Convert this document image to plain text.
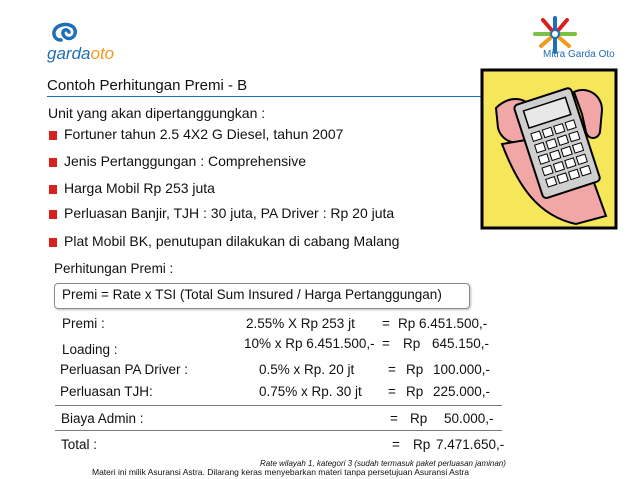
gardaoto	Mitra Garda Oto
Contoh Perhitungan Premi - B
Unit yang akan dipertanggungkan :
Fortuner tahun 2.5 4X2 G Diesel, tahun 2007
Jenis Pertanggungan : Comprehensive
Harga Mobil Rp 253 juta
Perluasan Banjir, TJH : 30 juta, PA Driver : Rp 20 juta
Plat Mobil BK, penutupan dilakukan di cabang Malang
Perhitungan Premi :
Premi = Rate x TSI (Total Sum Insured / Harga Pertanggungan)
Premi :	2.55% X Rp 253 jt = Rp 6.451.500,-
Loading :	10% x Rp 6.451.500,- = Rp 645.150,-
Perluasan PA Driver :	0.5% x Rp. 20 jt = Rp 100.000,-
Perluasan TJH:	0.75% x Rp. 30 jt = Rp 225.000,-
Biaya Admin :	= Rp 50.000,-
Total :	= Rp 7.471.650,-
Rate wilayah 1, kategori 3 (sudah termasuk paket perluasan jaminan)
Materi ini milik Asuransi Astra. Dilarang keras menyebarkan materi tanpa persetujuan Asuransi Astra
